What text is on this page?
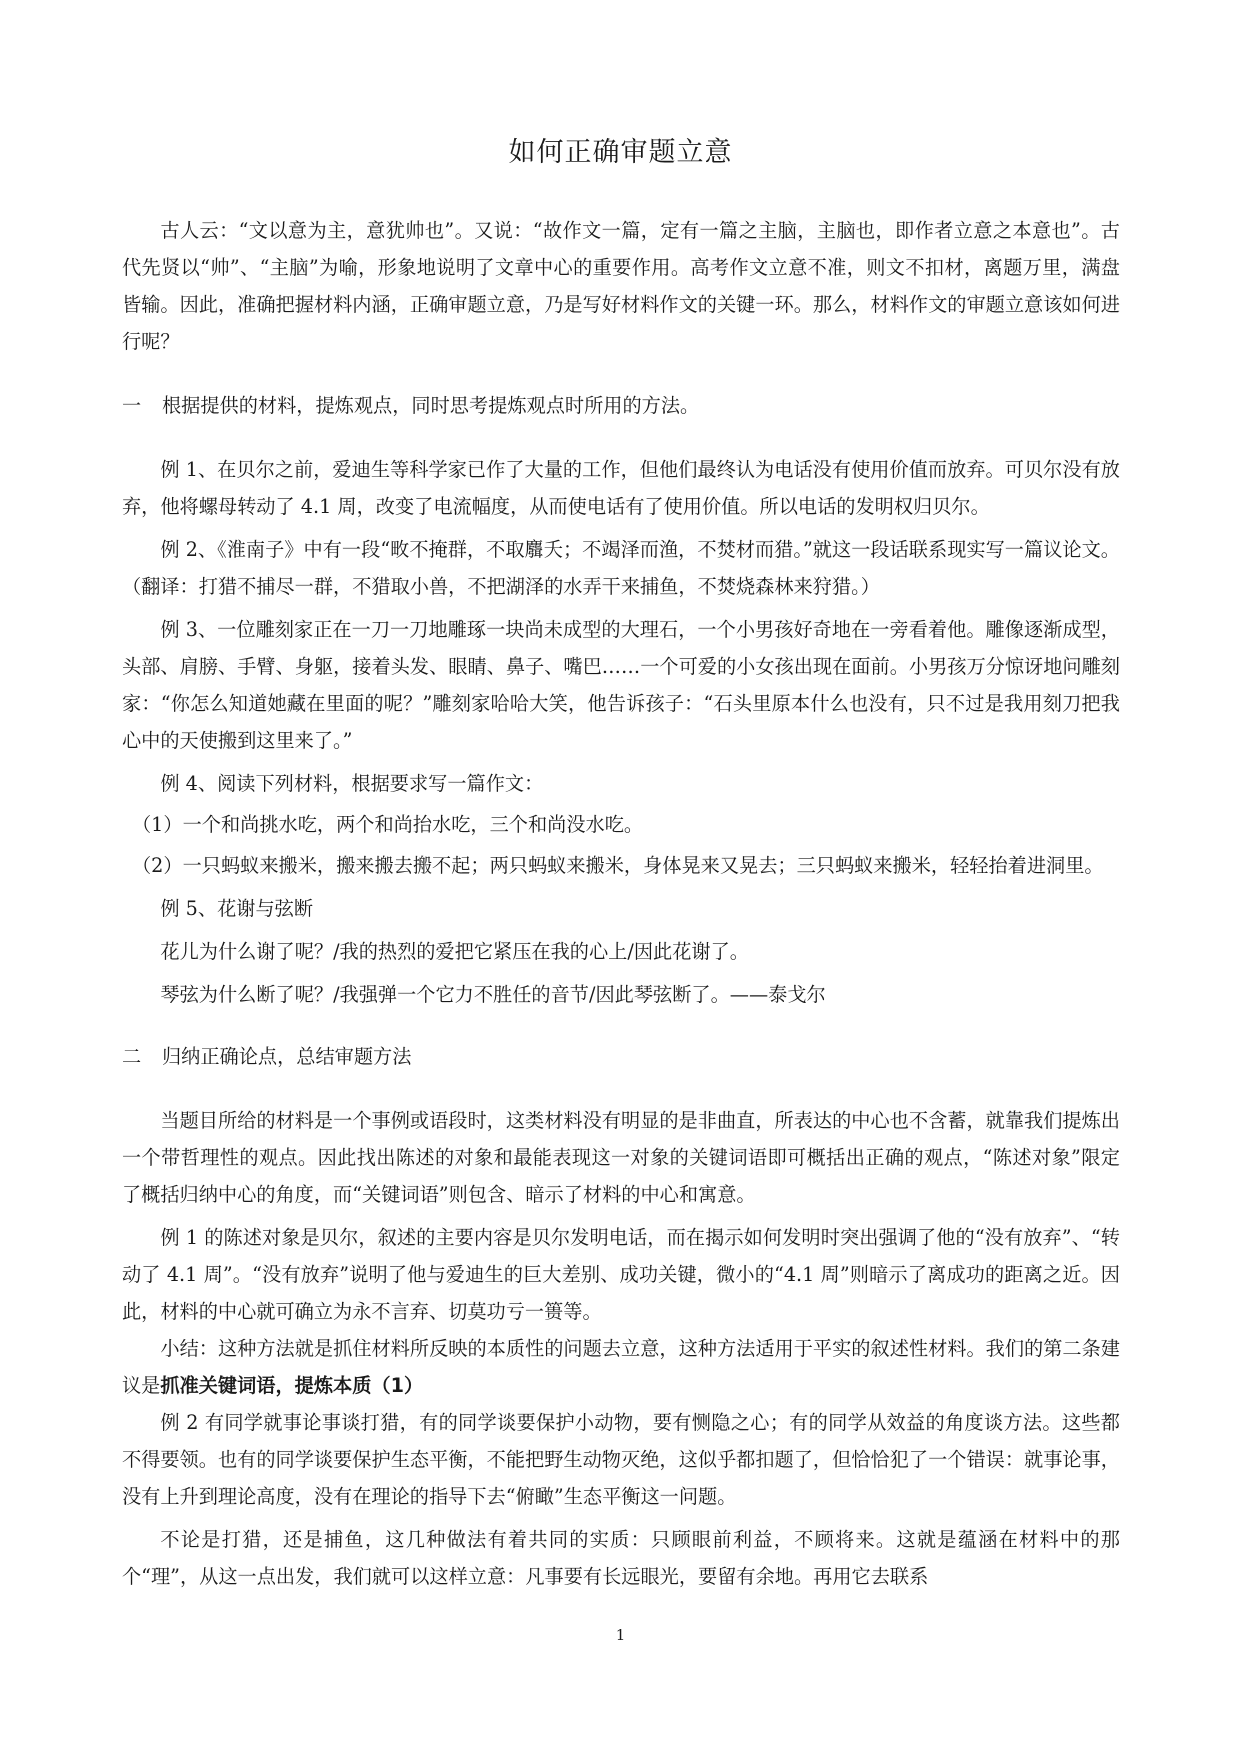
如何正确审题立意

古人云：“文以意为主，意犹帅也”。又说：“故作文一篇，定有一篇之主脑，主脑也，即作者立意之本意也”。古代先贤以“帅”、“主脑”为喻，形象地说明了文章中心的重要作用。高考作文立意不准，则文不扣材，离题万里，满盘皆输。因此，准确把握材料内涵，正确审题立意，乃是写好材料作文的关键一环。那么，材料作文的审题立意该如何进行呢？

一 根据提供的材料，提炼观点，同时思考提炼观点时所用的方法。

例 1、在贝尔之前，爱迪生等科学家已作了大量的工作，但他们最终认为电话没有使用价值而放弃。可贝尔没有放弃，他将螺母转动了 4.1 周，改变了电流幅度，从而使电话有了使用价值。所以电话的发明权归贝尔。

例 2、《淮南子》中有一段“畋不掩群，不取麛夭；不竭泽而渔，不焚材而猎。”就这一段话联系现实写一篇议论文。（翻译：打猎不捕尽一群，不猎取小兽，不把湖泽的水弄干来捕鱼，不焚烧森林来狩猎。）

例 3、一位雕刻家正在一刀一刀地雕琢一块尚未成型的大理石，一个小男孩好奇地在一旁看着他。雕像逐渐成型，头部、肩膀、手臂、身躯，接着头发、眼睛、鼻子、嘴巴……一个可爱的小女孩出现在面前。小男孩万分惊讶地问雕刻家：“你怎么知道她藏在里面的呢？”雕刻家哈哈大笑，他告诉孩子：“石头里原本什么也没有，只不过是我用刻刀把我心中的天使搬到这里来了。”

例 4、阅读下列材料，根据要求写一篇作文：

（1）一个和尚挑水吃，两个和尚抬水吃，三个和尚没水吃。

（2）一只蚂蚁来搬米，搬来搬去搬不起；两只蚂蚁来搬米，身体晃来又晃去；三只蚂蚁来搬米，轻轻抬着进洞里。

例 5、花谢与弦断

花儿为什么谢了呢？/我的热烈的爱把它紧压在我的心上/因此花谢了。

琴弦为什么断了呢？/我强弹一个它力不胜任的音节/因此琴弦断了。——泰戈尔

二 归纳正确论点，总结审题方法

当题目所给的材料是一个事例或语段时，这类材料没有明显的是非曲直，所表达的中心也不含蓄，就靠我们提炼出一个带哲理性的观点。因此找出陈述的对象和最能表现这一对象的关键词语即可概括出正确的观点，“陈述对象”限定了概括归纳中心的角度，而“关键词语”则包含、暗示了材料的中心和寓意。

例 1 的陈述对象是贝尔，叙述的主要内容是贝尔发明电话，而在揭示如何发明时突出强调了他的“没有放弃”、“转动了 4.1 周”。“没有放弃”说明了他与爱迪生的巨大差别、成功关键，微小的“4.1 周”则暗示了离成功的距离之近。因此，材料的中心就可确立为永不言弃、切莫功亏一篑等。

小结：这种方法就是抓住材料所反映的本质性的问题去立意，这种方法适用于平实的叙述性材料。我们的第二条建议是抓准关键词语，提炼本质（1）

例 2 有同学就事论事谈打猎，有的同学谈要保护小动物，要有恻隐之心；有的同学从效益的角度谈方法。这些都不得要领。也有的同学谈要保护生态平衡，不能把野生动物灭绝，这似乎都扣题了，但恰恰犯了一个错误：就事论事，没有上升到理论高度，没有在理论的指导下去“俯瞰”生态平衡这一问题。

不论是打猎，还是捕鱼，这几种做法有着共同的实质：只顾眼前利益，不顾将来。这就是蕴涵在材料中的那个“理”，从这一点出发，我们就可以这样立意：凡事要有长远眼光，要留有余地。再用它去联系

1
